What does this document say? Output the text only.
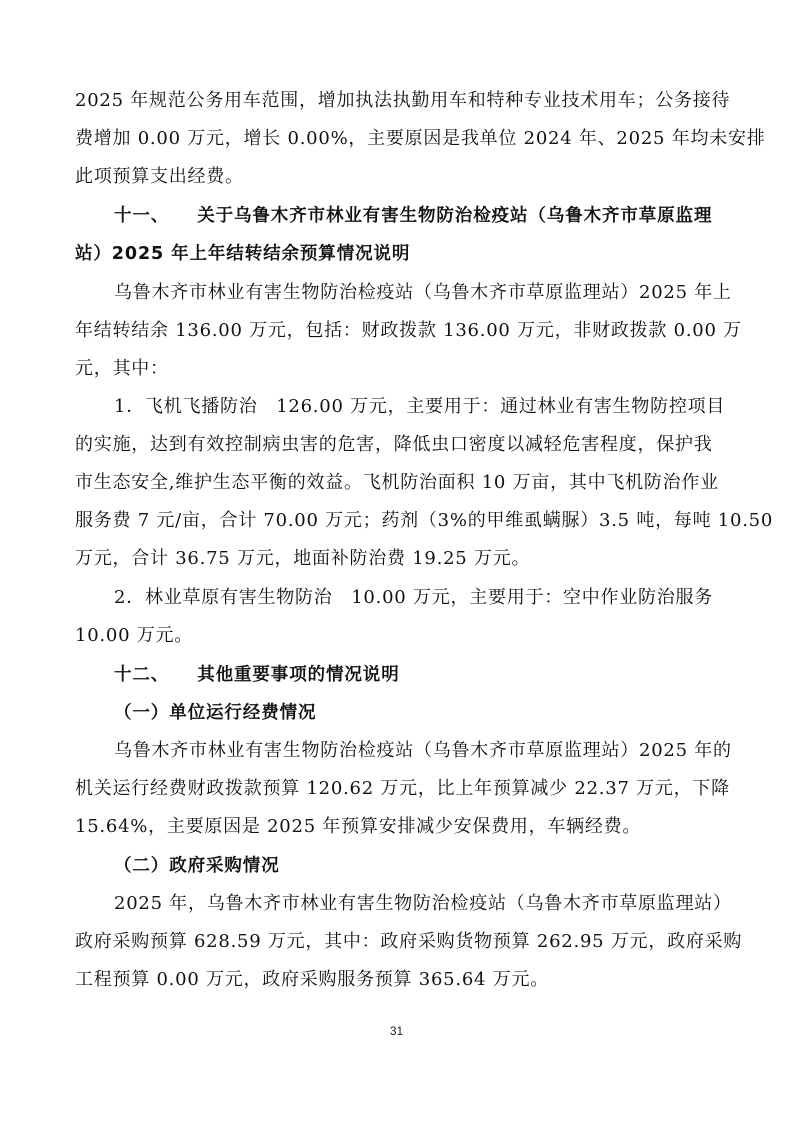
2025 年规范公务用车范围，增加执法执勤用车和特种专业技术用车；公务接待
费增加 0.00 万元，增长 0.00%，主要原因是我单位 2024 年、2025 年均未安排
此项预算支出经费。
十一、 关于乌鲁木齐市林业有害生物防治检疫站（乌鲁木齐市草原监理
站）2025 年上年结转结余预算情况说明
乌鲁木齐市林业有害生物防治检疫站（乌鲁木齐市草原监理站）2025 年上
年结转结余 136.00 万元，包括：财政拨款 136.00 万元，非财政拨款 0.00 万
元，其中：
1．飞机飞播防治　126.00 万元，主要用于：通过林业有害生物防控项目
的实施，达到有效控制病虫害的危害，降低虫口密度以减轻危害程度，保护我
市生态安全,维护生态平衡的效益。飞机防治面积 10 万亩，其中飞机防治作业
服务费 7 元/亩，合计 70.00 万元；药剂（3%的甲维虱螨脲）3.5 吨，每吨 10.50
万元，合计 36.75 万元，地面补防治费 19.25 万元。
2．林业草原有害生物防治　10.00 万元，主要用于：空中作业防治服务
10.00 万元。
十二、 其他重要事项的情况说明
（一）单位运行经费情况
乌鲁木齐市林业有害生物防治检疫站（乌鲁木齐市草原监理站）2025 年的
机关运行经费财政拨款预算 120.62 万元，比上年预算减少 22.37 万元，下降
15.64%，主要原因是 2025 年预算安排减少安保费用，车辆经费。
（二）政府采购情况
2025 年，乌鲁木齐市林业有害生物防治检疫站（乌鲁木齐市草原监理站）
政府采购预算 628.59 万元，其中：政府采购货物预算 262.95 万元，政府采购
工程预算 0.00 万元，政府采购服务预算 365.64 万元。
31
